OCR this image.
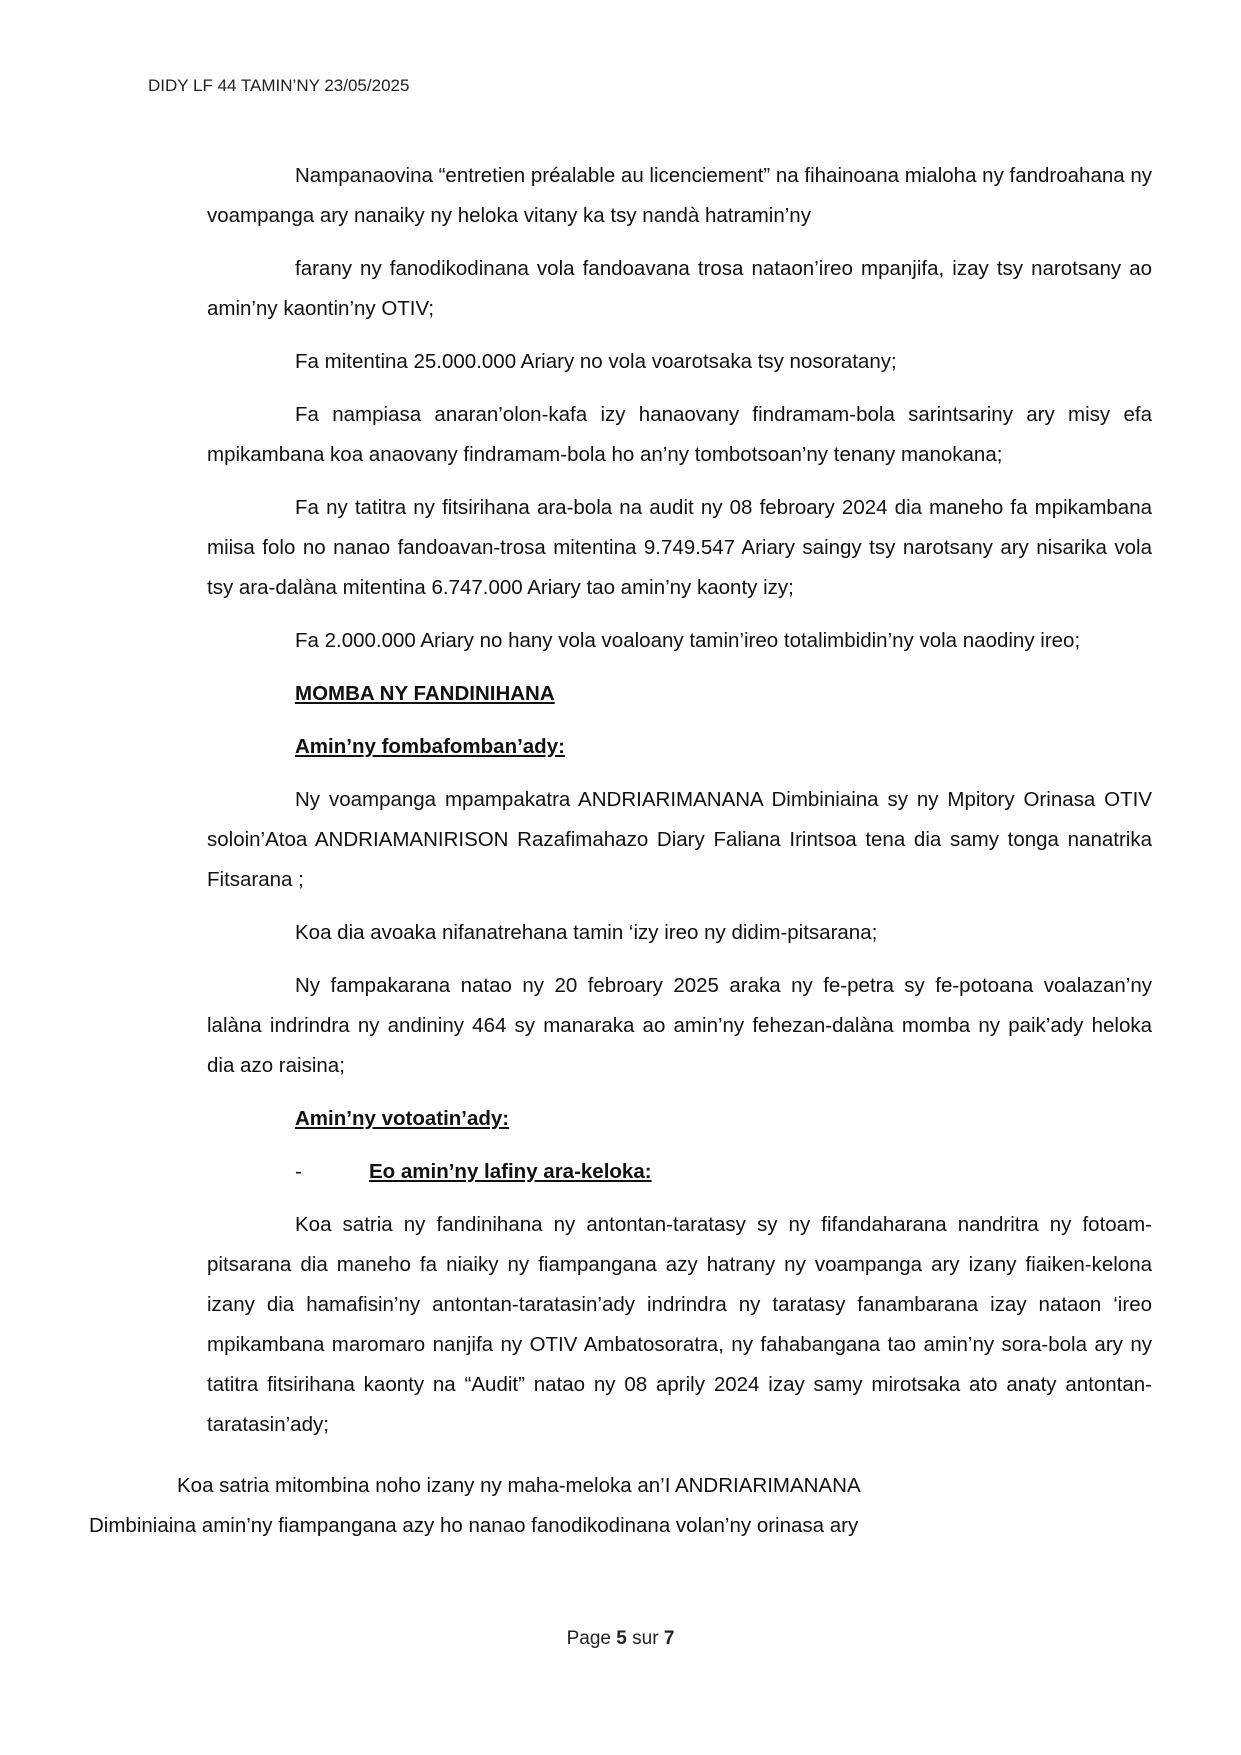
DIDY LF 44 TAMIN’NY 23/05/2025

Nampanaovina “entretien préalable au licenciement” na fihainoana mialoha ny fandroahana ny voampanga ary nanaiky ny heloka vitany ka tsy nandà hatramin’ny

farany ny fanodikodinana vola fandoavana trosa nataon’ireo mpanjifa, izay tsy narotsany ao amin’ny kaontin’ny OTIV;

Fa mitentina 25.000.000 Ariary no vola voarotsaka tsy nosoratany;

Fa nampiasa anaran’olon-kafa izy hanaovany findramam-bola sarintsariny ary misy efa mpikambana koa anaovany findramam-bola ho an’ny tombotsoan’ny tenany manokana;

Fa ny tatitra ny fitsirihana ara-bola na audit ny 08 febroary 2024 dia maneho fa mpikambana miisa folo no nanao fandoavan-trosa mitentina 9.749.547 Ariary saingy tsy narotsany ary nisarika vola tsy ara-dalàna mitentina 6.747.000 Ariary tao amin’ny kaonty izy;

Fa 2.000.000 Ariary no hany vola voaloany tamin’ireo totalimbidin’ny vola naodiny ireo;

MOMBA NY FANDINIHANA
Amin’ny fombafomban’ady:

Ny voampanga mpampakatra ANDRIARIMANANA Dimbiniaina sy ny Mpitory Orinasa OTIV soloin’Atoa ANDRIAMANIRISON Razafimahazo Diary Faliana Irintsoa tena dia samy tonga nanatrika Fitsarana ;

Koa dia avoaka nifanatrehana tamin ‘izy ireo ny didim-pitsarana;

Ny fampakarana natao ny 20 febroary 2025 araka ny fe-petra sy fe-potoana voalazan’ny lalàna indrindra ny andininy 464 sy manaraka ao amin’ny fehezan-dalàna momba ny paik’ady heloka dia azo raisina;

Amin’ny votoatin’ady:
-	Eo amin’ny lafiny ara-keloka:

Koa satria ny fandinihana ny antontan-taratasy sy ny fifandaharana nandritra ny fotoam-pitsarana dia maneho fa niaiky ny fiampangana azy hatrany ny voampanga ary izany fiaiken-kelona izany dia hamafisin’ny antontan-taratasin’ady indrindra ny taratasy fanambarana izay nataon ‘ireo mpikambana maromaro nanjifa ny OTIV Ambatosoratra, ny fahabangana tao amin’ny sora-bola ary ny tatitra fitsirihana kaonty na “Audit” natao ny 08 aprily 2024 izay samy mirotsaka ato anaty antontan-taratasin’ady;

Koa satria mitombina noho izany ny maha-meloka an’I ANDRIARIMANANA
Dimbiniaina amin’ny fiampangana azy ho nanao fanodikodinana volan’ny orinasa ary
Page 5 sur 7
